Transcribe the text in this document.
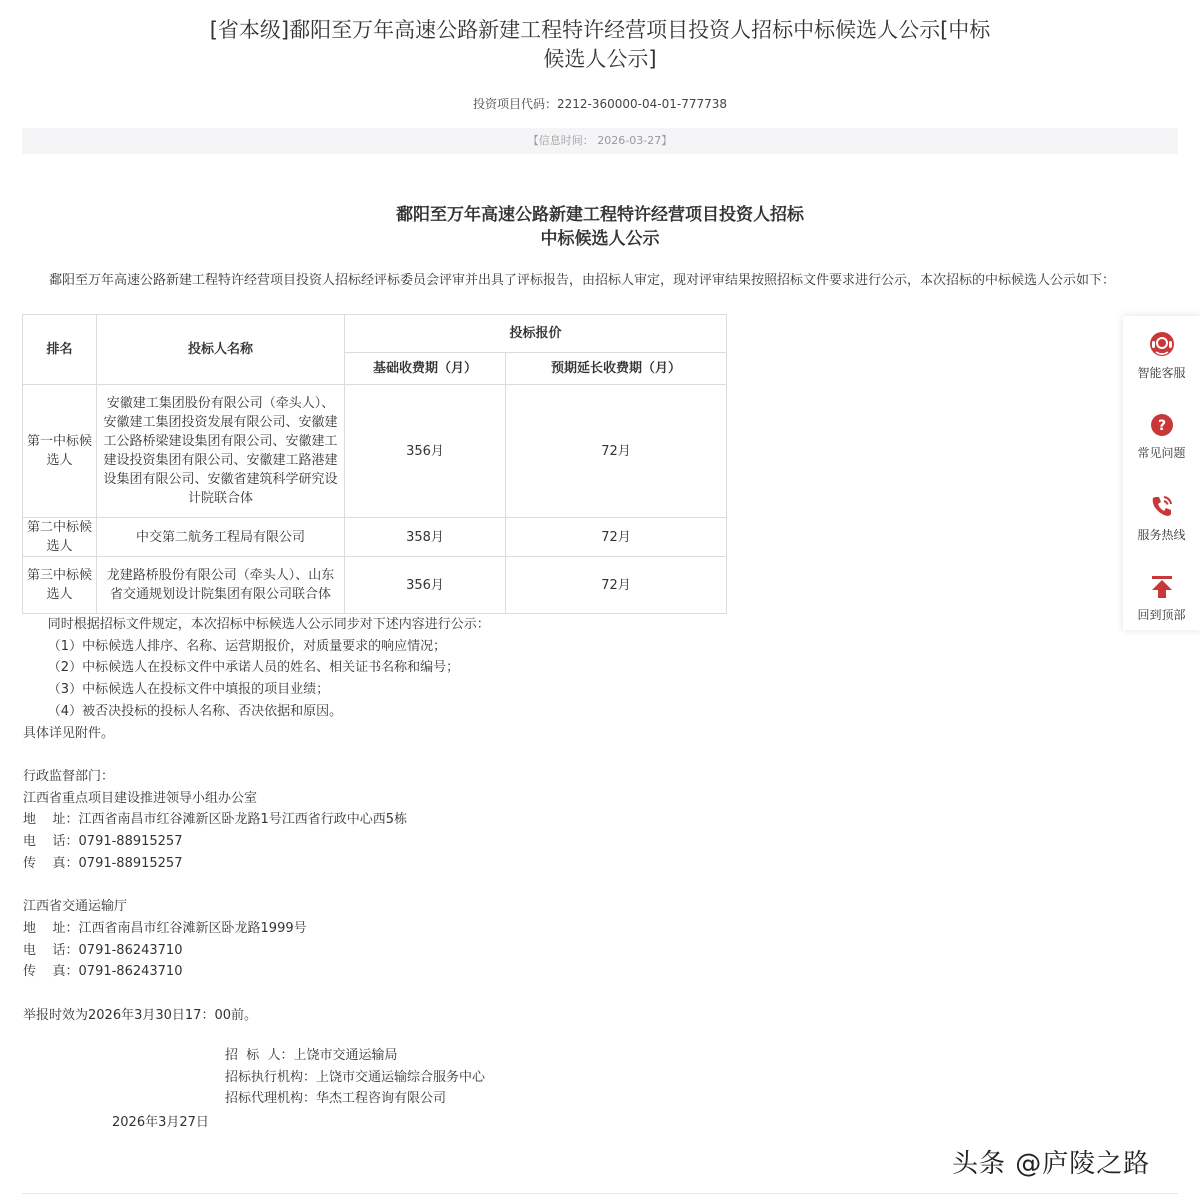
[省本级]鄱阳至万年高速公路新建工程特许经营项目投资人招标中标候选人公示[中标
候选人公示]
投资项目代码：2212-360000-04-01-777738
【信息时间： 2026-03-27】
鄱阳至万年高速公路新建工程特许经营项目投资人招标
中标候选人公示
鄱阳至万年高速公路新建工程特许经营项目投资人招标经评标委员会评审并出具了评标报告，由招标人审定，现对评审结果按照招标文件要求进行公示，本次招标的中标候选人公示如下：
排名	投标人名称	投标报价	
		基础收费期（月）	预期延长收费期（月）
第一中标候选人	安徽建工集团股份有限公司（牵头人）、安徽建工集团投资发展有限公司、安徽建工公路桥梁建设集团有限公司、安徽建工建设投资集团有限公司、安徽建工路港建设集团有限公司、安徽省建筑科学研究设计院联合体	356月	72月
第二中标候选人	中交第二航务工程局有限公司	358月	72月
第三中标候选人	龙建路桥股份有限公司（牵头人）、山东省交通规划设计院集团有限公司联合体	356月	72月

同时根据招标文件规定，本次招标中标候选人公示同步对下述内容进行公示：

（1）中标候选人排序、名称、运营期报价，对质量要求的响应情况；

（2）中标候选人在投标文件中承诺人员的姓名、相关证书名称和编号；

（3）中标候选人在投标文件中填报的项目业绩；

（4）被否决投标的投标人名称、否决依据和原因。

具体详见附件。

行政监督部门：

江西省重点项目建设推进领导小组办公室

地    址：江西省南昌市红谷滩新区卧龙路1号江西省行政中心西5栋

电    话：0791-88915257

传    真：0791-88915257

江西省交通运输厅

地    址：江西省南昌市红谷滩新区卧龙路1999号

电    话：0791-86243710

传    真：0791-86243710

举报时效为2026年3月30日17：00前。

招  标  人：上饶市交通运输局

招标执行机构：上饶市交通运输综合服务中心

招标代理机构：华杰工程咨询有限公司

2026年3月27日
头条 @庐陵之路
智能客服
?
常见问题
服务热线
回到顶部
